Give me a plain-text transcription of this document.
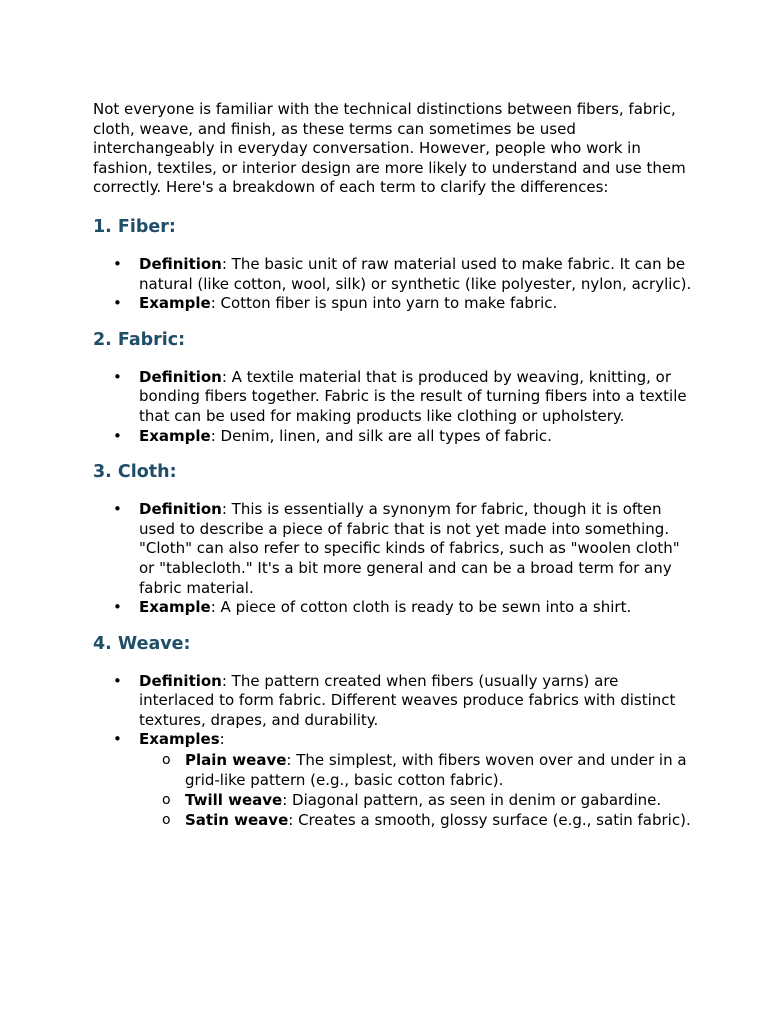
Not everyone is familiar with the technical distinctions between fibers, fabric, cloth, weave, and finish, as these terms can sometimes be used interchangeably in everyday conversation. However, people who work in fashion, textiles, or interior design are more likely to understand and use them correctly. Here's a breakdown of each term to clarify the differences:

1. Fiber:
• Definition: The basic unit of raw material used to make fabric. It can be natural (like cotton, wool, silk) or synthetic (like polyester, nylon, acrylic).
• Example: Cotton fiber is spun into yarn to make fabric.
2. Fabric:
• Definition: A textile material that is produced by weaving, knitting, or bonding fibers together. Fabric is the result of turning fibers into a textile that can be used for making products like clothing or upholstery.
• Example: Denim, linen, and silk are all types of fabric.
3. Cloth:
• Definition: This is essentially a synonym for fabric, though it is often used to describe a piece of fabric that is not yet made into something. "Cloth" can also refer to specific kinds of fabrics, such as "woolen cloth" or "tablecloth." It's a bit more general and can be a broad term for any fabric material.
• Example: A piece of cotton cloth is ready to be sewn into a shirt.
4. Weave:
• Definition: The pattern created when fibers (usually yarns) are interlaced to form fabric. Different weaves produce fabrics with distinct textures, drapes, and durability.
• Examples:
o Plain weave: The simplest, with fibers woven over and under in a grid-like pattern (e.g., basic cotton fabric).
o Twill weave: Diagonal pattern, as seen in denim or gabardine.
o Satin weave: Creates a smooth, glossy surface (e.g., satin fabric).
